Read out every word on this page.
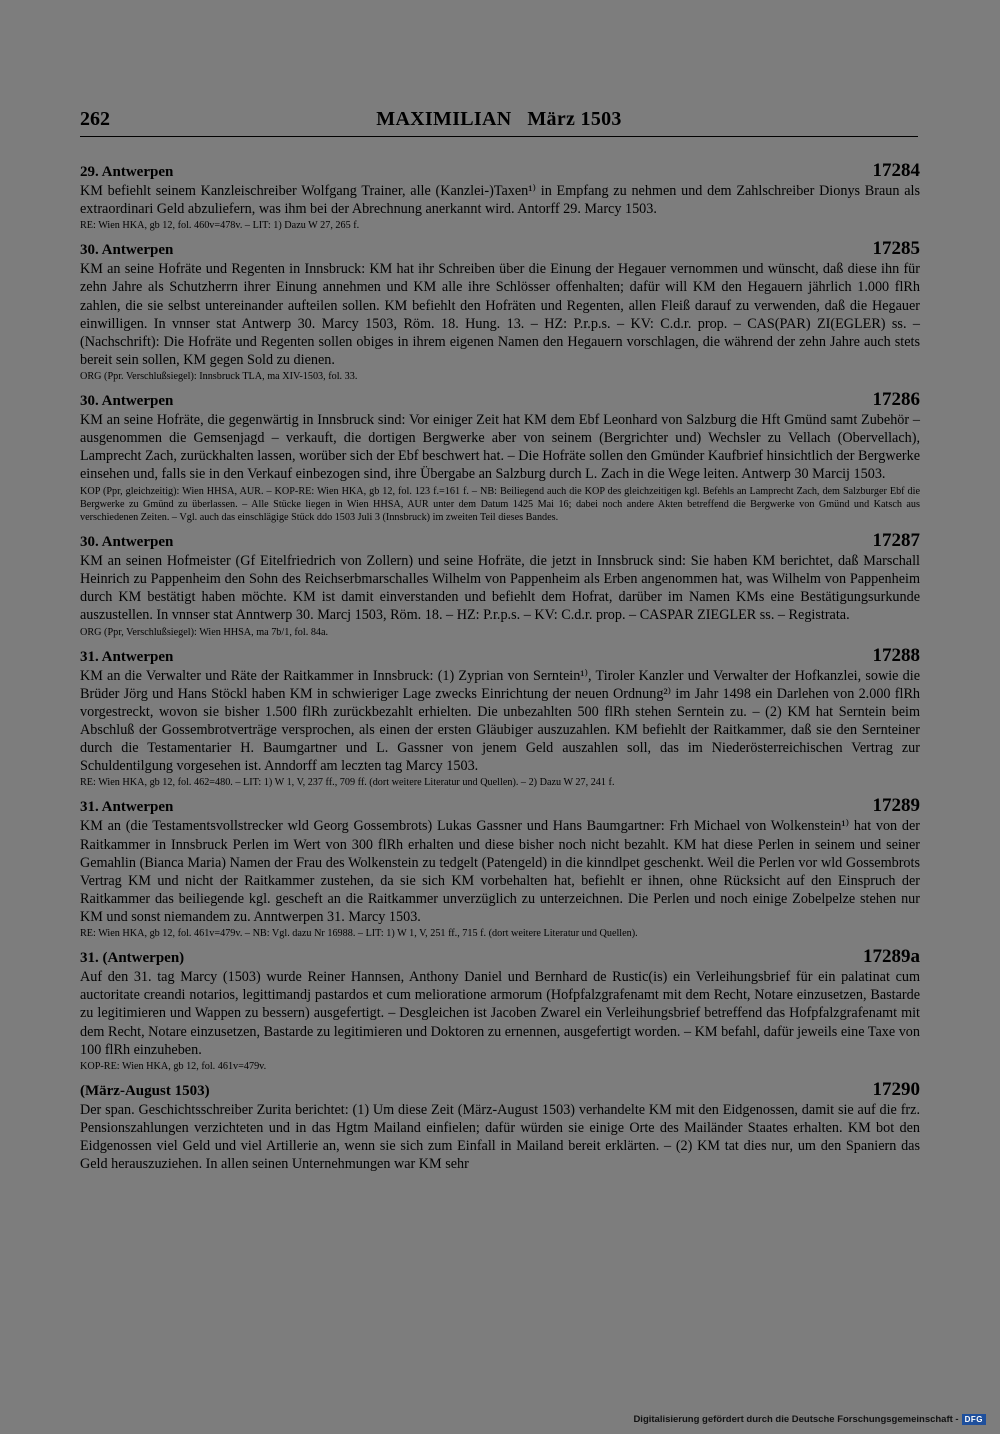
262	MAXIMILIAN   März 1503
29. Antwerpen	17284
KM befiehlt seinem Kanzleischreiber Wolfgang Trainer, alle (Kanzlei-)Taxen¹⁾ in Empfang zu nehmen und dem Zahlschreiber Dionys Braun als extraordinari Geld abzuliefern, was ihm bei der Abrechnung anerkannt wird. Antorff 29. Marcy 1503.
RE: Wien HKA, gb 12, fol. 460v=478v. – LIT: 1) Dazu W 27, 265 f.
30. Antwerpen	17285
KM an seine Hofräte und Regenten in Innsbruck: KM hat ihr Schreiben über die Einung der Hegauer vernommen und wünscht, daß diese ihn für zehn Jahre als Schutzherrn ihrer Einung annehmen und KM alle ihre Schlösser offenhalten; dafür will KM den Hegauern jährlich 1.000 flRh zahlen, die sie selbst untereinander aufteilen sollen. KM befiehlt den Hofräten und Regenten, allen Fleiß darauf zu verwenden, daß die Hegauer einwilligen. In vnnser stat Antwerp 30. Marcy 1503, Röm. 18. Hung. 13. – HZ: P.r.p.s. – KV: C.d.r. prop. – CAS(PAR) ZI(EGLER) ss. – (Nachschrift): Die Hofräte und Regenten sollen obiges in ihrem eigenen Namen den Hegauern vorschlagen, die während der zehn Jahre auch stets bereit sein sollen, KM gegen Sold zu dienen.
ORG (Ppr. Verschlußsiegel): Innsbruck TLA, ma XIV-1503, fol. 33.
30. Antwerpen	17286
KM an seine Hofräte, die gegenwärtig in Innsbruck sind: Vor einiger Zeit hat KM dem Ebf Leonhard von Salzburg die Hft Gmünd samt Zubehör – ausgenommen die Gemsenjagd – verkauft, die dortigen Bergwerke aber von seinem (Bergrichter und) Wechsler zu Vellach (Obervellach), Lamprecht Zach, zurückhalten lassen, worüber sich der Ebf beschwert hat. – Die Hofräte sollen den Gmünder Kaufbrief hinsichtlich der Bergwerke einsehen und, falls sie in den Verkauf einbezogen sind, ihre Übergabe an Salzburg durch L. Zach in die Wege leiten. Antwerp 30 Marcij 1503.
KOP (Ppr, gleichzeitig): Wien HHSA, AUR. – KOP-RE: Wien HKA, gb 12, fol. 123 f.=161 f. – NB: Beiliegend auch die KOP des gleichzeitigen kgl. Befehls an Lamprecht Zach, dem Salzburger Ebf die Bergwerke zu Gmünd zu überlassen. – Alle Stücke liegen in Wien HHSA, AUR unter dem Datum 1425 Mai 16; dabei noch andere Akten betreffend die Bergwerke von Gmünd und Katsch aus verschiedenen Zeiten. – Vgl. auch das einschlägige Stück ddo 1503 Juli 3 (Innsbruck) im zweiten Teil dieses Bandes.
30. Antwerpen	17287
KM an seinen Hofmeister (Gf Eitelfriedrich von Zollern) und seine Hofräte, die jetzt in Innsbruck sind: Sie haben KM berichtet, daß Marschall Heinrich zu Pappenheim den Sohn des Reichserbmarschalles Wilhelm von Pappenheim als Erben angenommen hat, was Wilhelm von Pappenheim durch KM bestätigt haben möchte. KM ist damit einverstanden und befiehlt dem Hofrat, darüber im Namen KMs eine Bestätigungsurkunde auszustellen. In vnnser stat Anntwerp 30. Marcj 1503, Röm. 18. – HZ: P.r.p.s. – KV: C.d.r. prop. – CASPAR ZIEGLER ss. – Registrata.
ORG (Ppr, Verschlußsiegel): Wien HHSA, ma 7b/1, fol. 84a.
31. Antwerpen	17288
KM an die Verwalter und Räte der Raitkammer in Innsbruck: (1) Zyprian von Serntein¹⁾, Tiroler Kanzler und Verwalter der Hofkanzlei, sowie die Brüder Jörg und Hans Stöckl haben KM in schwieriger Lage zwecks Einrichtung der neuen Ordnung²⁾ im Jahr 1498 ein Darlehen von 2.000 flRh vorgestreckt, wovon sie bisher 1.500 flRh zurückbezahlt erhielten. Die unbezahlten 500 flRh stehen Serntein zu. – (2) KM hat Serntein beim Abschluß der Gossembrotverträge versprochen, als einen der ersten Gläubiger auszuzahlen. KM befiehlt der Raitkammer, daß sie den Sernteiner durch die Testamentarier H. Baumgartner und L. Gassner von jenem Geld auszahlen soll, das im Niederösterreichischen Vertrag zur Schuldentilgung vorgesehen ist. Anndorff am leczten tag Marcy 1503.
RE: Wien HKA, gb 12, fol. 462=480. – LIT: 1) W 1, V, 237 ff., 709 ff. (dort weitere Literatur und Quellen). – 2) Dazu W 27, 241 f.
31. Antwerpen	17289
KM an (die Testamentsvollstrecker wld Georg Gossembrots) Lukas Gassner und Hans Baumgartner: Frh Michael von Wolkenstein¹⁾ hat von der Raitkammer in Innsbruck Perlen im Wert von 300 flRh erhalten und diese bisher noch nicht bezahlt. KM hat diese Perlen in seinem und seiner Gemahlin (Bianca Maria) Namen der Frau des Wolkenstein zu tedgelt (Patengeld) in die kinndlpet geschenkt. Weil die Perlen vor wld Gossembrots Vertrag KM und nicht der Raitkammer zustehen, da sie sich KM vorbehalten hat, befiehlt er ihnen, ohne Rücksicht auf den Einspruch der Raitkammer das beiliegende kgl. gescheft an die Raitkammer unverzüglich zu unterzeichnen. Die Perlen und noch einige Zobelpelze stehen nur KM und sonst niemandem zu. Anntwerpen 31. Marcy 1503.
RE: Wien HKA, gb 12, fol. 461v=479v. – NB: Vgl. dazu Nr 16988. – LIT: 1) W 1, V, 251 ff., 715 f. (dort weitere Literatur und Quellen).
31. (Antwerpen)	17289a
Auf den 31. tag Marcy (1503) wurde Reiner Hannsen, Anthony Daniel und Bernhard de Rustic(is) ein Verleihungsbrief für ein palatinat cum auctoritate creandi notarios, legittimandj pastardos et cum melioratione armorum (Hofpfalzgrafenamt mit dem Recht, Notare einzusetzen, Bastarde zu legitimieren und Wappen zu bessern) ausgefertigt. – Desgleichen ist Jacoben Zwarel ein Verleihungsbrief betreffend das Hofpfalzgrafenamt mit dem Recht, Notare einzusetzen, Bastarde zu legitimieren und Doktoren zu ernennen, ausgefertigt worden. – KM befahl, dafür jeweils eine Taxe von 100 flRh einzuheben.
KOP-RE: Wien HKA, gb 12, fol. 461v=479v.
(März-August 1503)	17290
Der span. Geschichtsschreiber Zurita berichtet: (1) Um diese Zeit (März-August 1503) verhandelte KM mit den Eidgenossen, damit sie auf die frz. Pensionszahlungen verzichteten und in das Hgtm Mailand einfielen; dafür würden sie einige Orte des Mailänder Staates erhalten. KM bot den Eidgenossen viel Geld und viel Artillerie an, wenn sie sich zum Einfall in Mailand bereit erklärten. – (2) KM tat dies nur, um den Spaniern das Geld herauszuziehen. In allen seinen Unternehmungen war KM sehr
Digitalisierung gefördert durch die Deutsche Forschungsgemeinschaft - DFG
